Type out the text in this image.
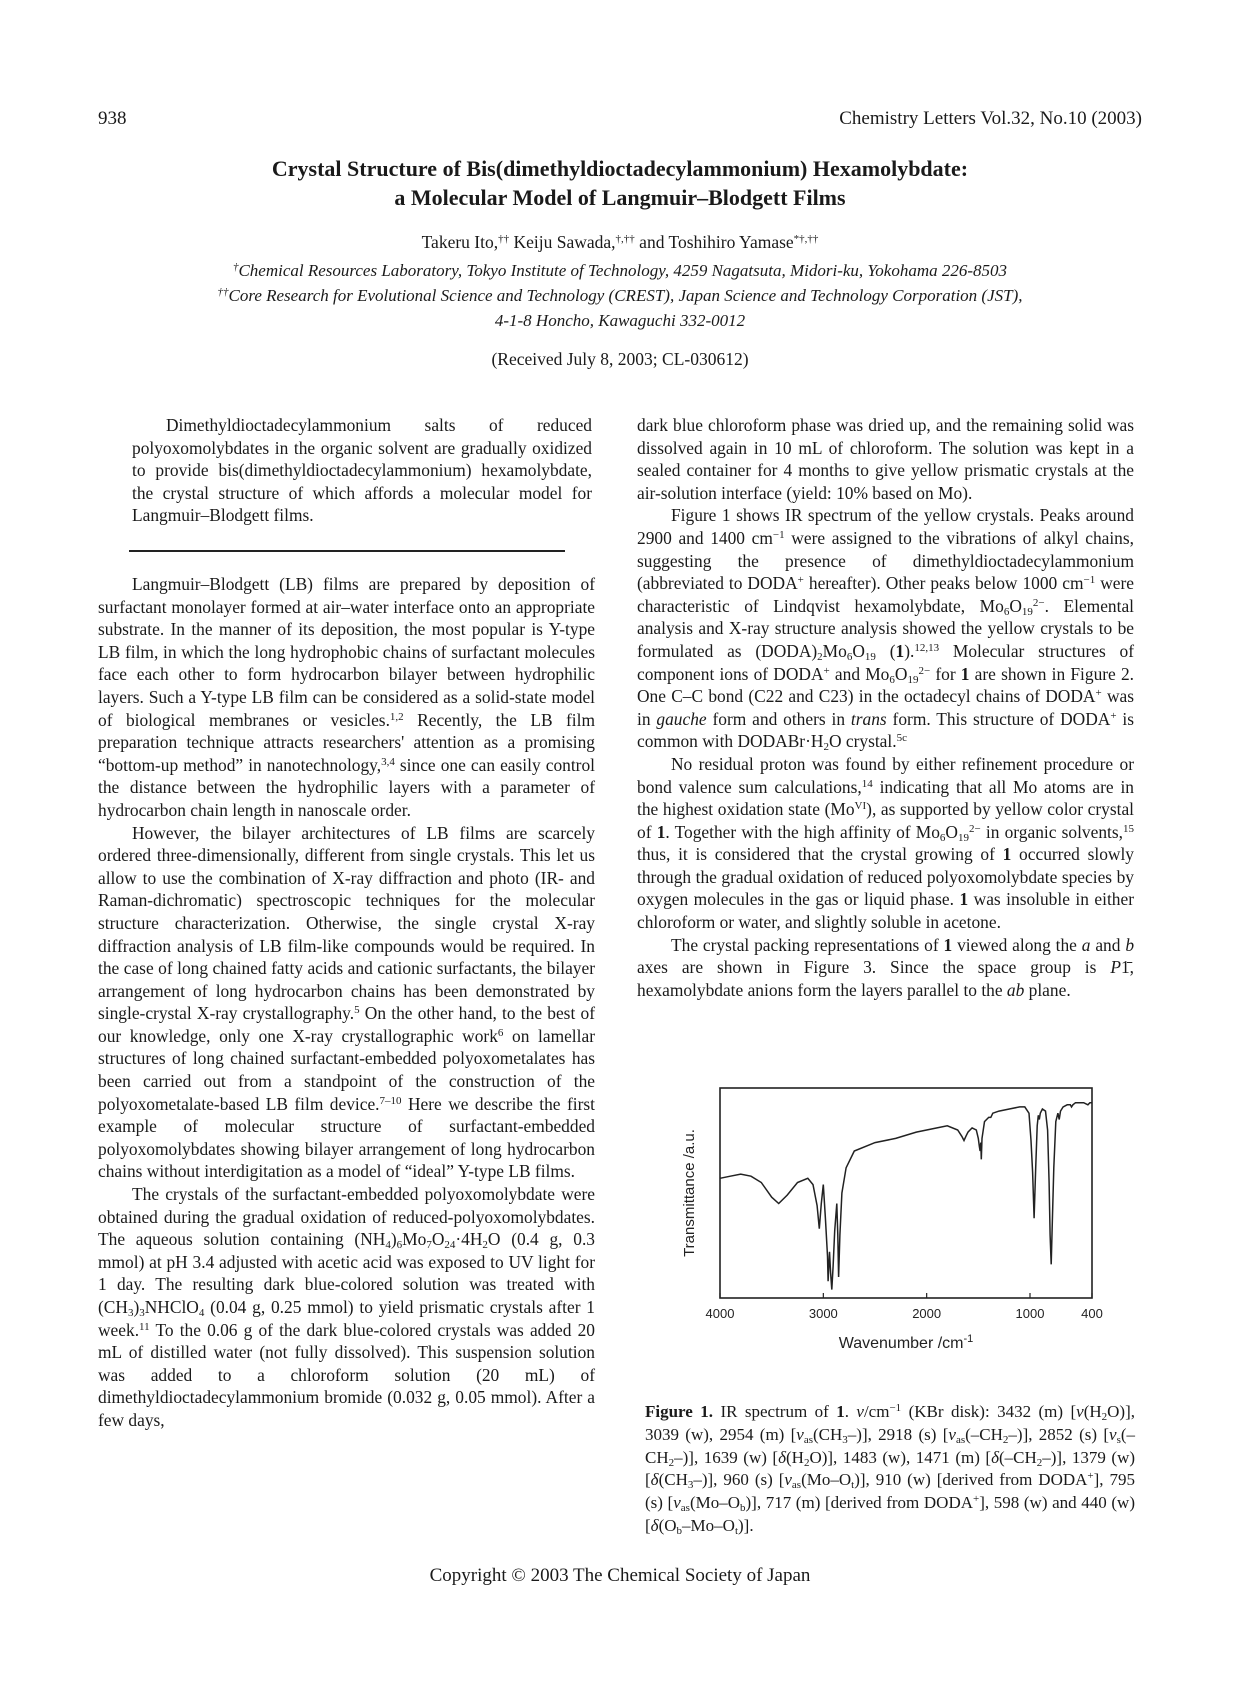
938	Chemistry Letters Vol.32, No.10 (2003)
Crystal Structure of Bis(dimethyldioctadecylammonium) Hexamolybdate:
a Molecular Model of Langmuir–Blodgett Films
Takeru Ito,†† Keiju Sawada,†,†† and Toshihiro Yamase*†,††
†Chemical Resources Laboratory, Tokyo Institute of Technology, 4259 Nagatsuta, Midori-ku, Yokohama 226-8503
††Core Research for Evolutional Science and Technology (CREST), Japan Science and Technology Corporation (JST),
4-1-8 Honcho, Kawaguchi 332-0012
(Received July 8, 2003; CL-030612)

Dimethyldioctadecylammonium salts of reduced polyoxomolybdates in the organic solvent are gradually oxidized to provide bis(dimethyldioctadecylammonium) hexamolybdate, the crystal structure of which affords a molecular model for Langmuir–Blodgett films.

Langmuir–Blodgett (LB) films are prepared by deposition of surfactant monolayer formed at air–water interface onto an appropriate substrate. In the manner of its deposition, the most popular is Y-type LB film, in which the long hydrophobic chains of surfactant molecules face each other to form hydrocarbon bilayer between hydrophilic layers. Such a Y-type LB film can be considered as a solid-state model of biological membranes or vesicles.$^{1,2}$ Recently, the LB film preparation technique attracts researchers' attention as a promising “bottom-up method” in nanotechnology,$^{3,4}$ since one can easily control the distance between the hydrophilic layers with a parameter of hydrocarbon chain length in nanoscale order.

However, the bilayer architectures of LB films are scarcely ordered three-dimensionally, different from single crystals. This let us allow to use the combination of X-ray diffraction and photo (IR- and Raman-dichromatic) spectroscopic techniques for the molecular structure characterization. Otherwise, the single crystal X-ray diffraction analysis of LB film-like compounds would be required. In the case of long chained fatty acids and cationic surfactants, the bilayer arrangement of long hydrocarbon chains has been demonstrated by single-crystal X-ray crystallography.$^5$ On the other hand, to the best of our knowledge, only one X-ray crystallographic work$^6$ on lamellar structures of long chained surfactant-embedded polyoxometalates has been carried out from a standpoint of the construction of the polyoxometalate-based LB film device.$^{7-10}$ Here we describe the first example of molecular structure of surfactant-embedded polyoxomolybdates showing bilayer arrangement of long hydrocarbon chains without interdigitation as a model of “ideal” Y-type LB films.

The crystals of the surfactant-embedded polyoxomolybdate were obtained during the gradual oxidation of reduced-polyoxomolybdates. The aqueous solution containing $(NH_4)_6Mo_7O_{24}\cdot 4H_2O$ (0.4 g, 0.3 mmol) at pH 3.4 adjusted with acetic acid was exposed to UV light for 1 day. The resulting dark blue-colored solution was treated with $(CH_3)_3NHClO_4$ (0.04 g, 0.25 mmol) to yield prismatic crystals after 1 week.$^{11}$ To the 0.06 g of the dark blue-colored crystals was added 20 mL of distilled water (not fully dissolved). This suspension solution was added to a chloroform solution (20 mL) of dimethyldioctadecylammonium bromide (0.032 g, 0.05 mmol). After a few days,

dark blue chloroform phase was dried up, and the remaining solid was dissolved again in 10 mL of chloroform. The solution was kept in a sealed container for 4 months to give yellow prismatic crystals at the air-solution interface (yield: 10% based on Mo).

Figure 1 shows IR spectrum of the yellow crystals. Peaks around 2900 and 1400 $cm^{-1}$ were assigned to the vibrations of alkyl chains, suggesting the presence of dimethyldioctadecylammonium (abbreviated to DODA+ hereafter). Other peaks below 1000 $cm^{-1}$ were characteristic of Lindqvist hexamolybdate, $Mo_6O_{19}^{2-}$. Elemental analysis and X-ray structure analysis showed the yellow crystals to be formulated as $(DODA)_2Mo_6O_{19}$ (1).$^{12,13}$ Molecular structures of component ions of DODA+ and $Mo_6O_{19}^{2-}$ for 1 are shown in Figure 2. One C–C bond (C22 and C23) in the octadecyl chains of DODA+ was in gauche form and others in trans form. This structure of DODA+ is common with $DODABr\cdot H_2O$ crystal.$^{5c}$

No residual proton was found by either refinement procedure or bond valence sum calculations,$^{14}$ indicating that all Mo atoms are in the highest oxidation state $(Mo^{VI})$, as supported by yellow color crystal of 1. Together with the high affinity of $Mo_6O_{19}^{2-}$ in organic solvents,$^{15}$ thus, it is considered that the crystal growing of 1 occurred slowly through the gradual oxidation of reduced polyoxomolybdate species by oxygen molecules in the gas or liquid phase. 1 was insoluble in either chloroform or water, and slightly soluble in acetone.

The crystal packing representations of 1 viewed along the a and b axes are shown in Figure 3. Since the space group is P1̄, hexamolybdate anions form the layers parallel to the ab plane.

4000	3000	2000	1000	400
Transmittance /a.u.
Wavenumber $/cm^{-1}$
Figure 1. IR spectrum of 1. $\nu/cm^{-1}$ (KBr disk): 3432 (m) $[\nu(H_2O)]$, 3039 (w), 2954 (m) $[\nu_{as}(CH_3-)]$, 2918 (s) $[\nu_{as}(-CH_2-)]$, 2852 (s) $[\nu_s(-CH_2-)]$, 1639 (w) $[\delta(H_2O)]$, 1483 (w), 1471 (m) $[\delta(-CH_2-)]$, 1379 (w) $[\delta(CH_3-)]$, 960 (s) $[\nu_{as}(Mo-O_t)]$, 910 (w) [derived from DODA+], 795 (s) $[\nu_{as}(Mo-O_b)]$, 717 (m) [derived from DODA+], 598 (w) and 440 (w) $[\delta(O_b-Mo-O_t)]$.
Copyright © 2003 The Chemical Society of Japan
